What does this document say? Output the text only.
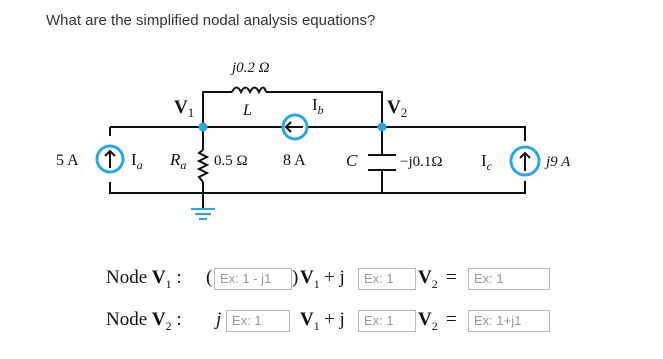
What are the simplified nodal analysis equations?
j0.2 Ω
L	$I_b$
$V_1$	$V_2$
5 A	$I_a$ $R_a$ 0.5 Ω 8 A C	−j0.1Ω $I_c$	j9 A
Node $V_1$ : ( Ex: 1 - j1	) $V_1 + j$	Ex: 1	$V_2$ =	Ex: 1
Node $V_2$ : j Ex: 1	$V_1 + j$	Ex: 1	$V_2$ =	Ex: 1+j1
